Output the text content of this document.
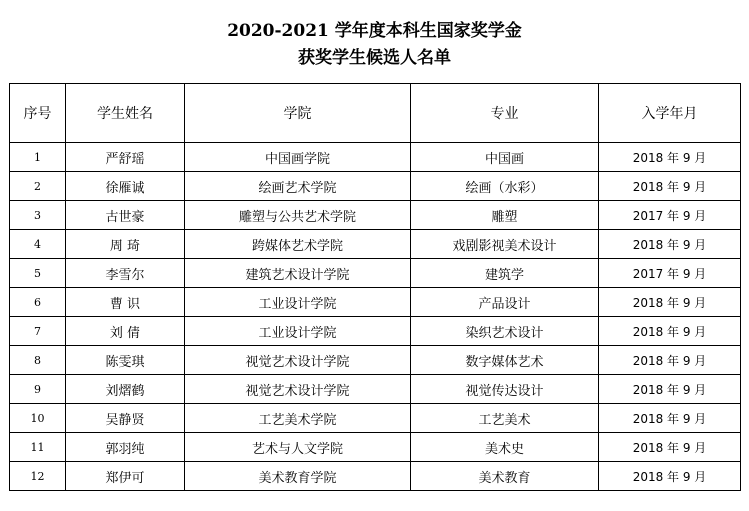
2020-2021 学年度本科生国家奖学金
获奖学生候选人名单
序号	学生姓名	学院	专业	入学年月
1	严舒瑶	中国画学院	中国画	2018 年 9 月
2	徐雁诚	绘画艺术学院	绘画（水彩）	2018 年 9 月
3	古世豪	雕塑与公共艺术学院	雕塑	2017 年 9 月
4	周 琦	跨媒体艺术学院	戏剧影视美术设计	2018 年 9 月
5	李雪尔	建筑艺术设计学院	建筑学	2017 年 9 月
6	曹 识	工业设计学院	产品设计	2018 年 9 月
7	刘 倩	工业设计学院	染织艺术设计	2018 年 9 月
8	陈雯琪	视觉艺术设计学院	数字媒体艺术	2018 年 9 月
9	刘熠鹤	视觉艺术设计学院	视觉传达设计	2018 年 9 月
10	吴静贤	工艺美术学院	工艺美术	2018 年 9 月
11	郭羽纯	艺术与人文学院	美术史	2018 年 9 月
12	郑伊可	美术教育学院	美术教育	2018 年 9 月
